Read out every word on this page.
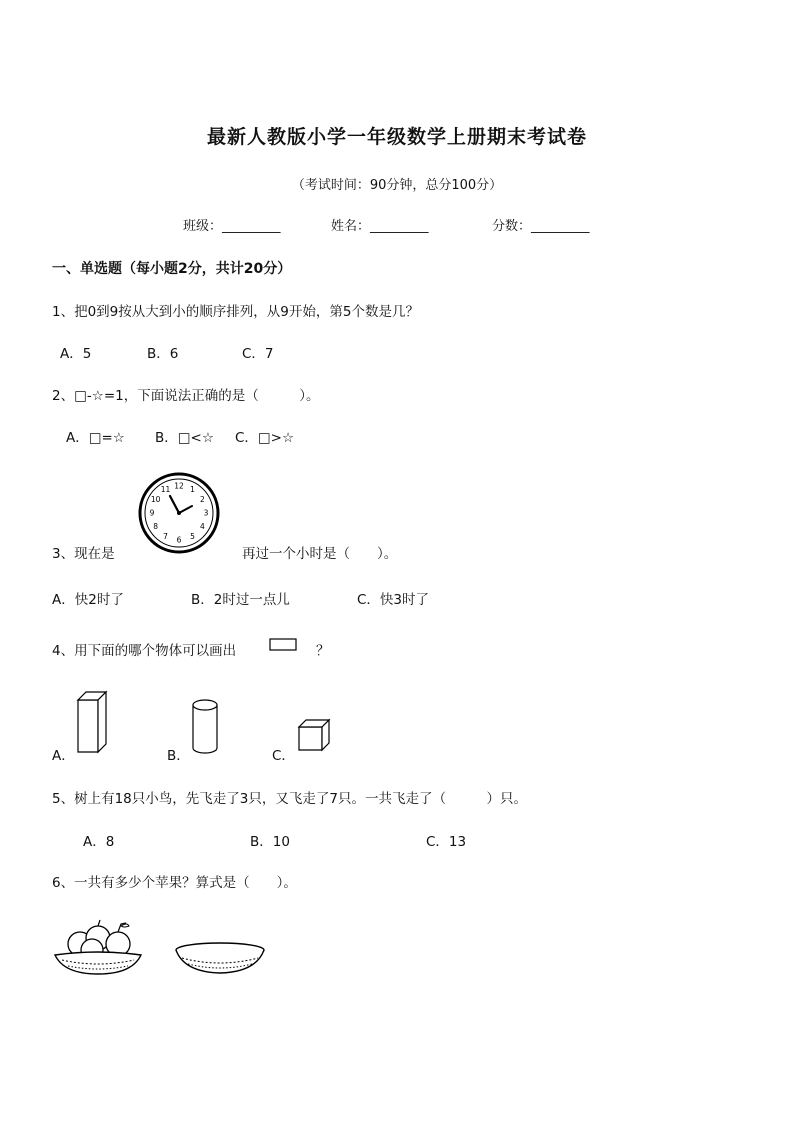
最新人教版小学一年级数学上册期末考试卷
（考试时间：90分钟，总分100分）
班级：_________	姓名：_________	分数：_________
一、单选题（每小题2分，共计20分）
1、把0到9按从大到小的顺序排列，从9开始，第5个数是几？
A．5	B．6	C．7
2、□-☆=1，下面说法正确的是（　　　）。
A．□=☆ B．□<☆ C．□>☆
3、现在是
12 1
2
3
4
5
6
7
8
9
10
11
再过一个小时是（　　）。
A．快2时了	B．2时过一点儿	C．快3时了
4、用下面的哪个物体可以画出	？
A．	B．	C．
5、树上有18只小鸟，先飞走了3只，又飞走了7只。一共飞走了（　　　）只。
A．8	B．10	C．13
6、一共有多少个苹果？算式是（　　）。
